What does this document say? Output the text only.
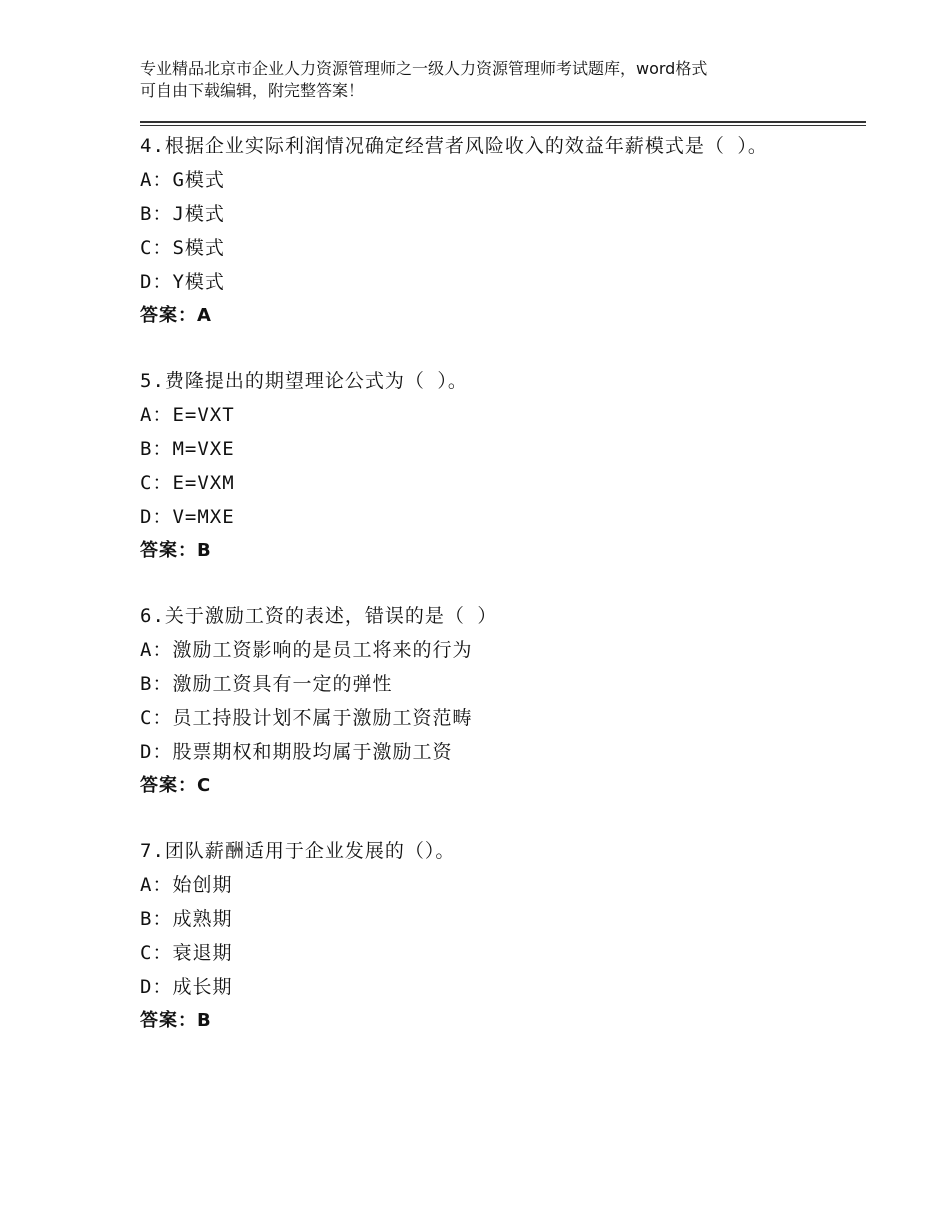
专业精品北京市企业人力资源管理师之一级人力资源管理师考试题库，word格式
可自由下载编辑，附完整答案！
4.根据企业实际利润情况确定经营者风险收入的效益年薪模式是（ ）。
A：G模式
B：J模式
C：S模式
D：Y模式
答案：A
5.费隆提出的期望理论公式为（ ）。
A：E=VXT
B：M=VXE
C：E=VXM
D：V=MXE
答案：B
6.关于激励工资的表述，错误的是（ ）
A：激励工资影响的是员工将来的行为
B：激励工资具有一定的弹性
C：员工持股计划不属于激励工资范畴
D：股票期权和期股均属于激励工资
答案：C
7.团队薪酬适用于企业发展的（）。
A：始创期
B：成熟期
C：衰退期
D：成长期
答案：B
